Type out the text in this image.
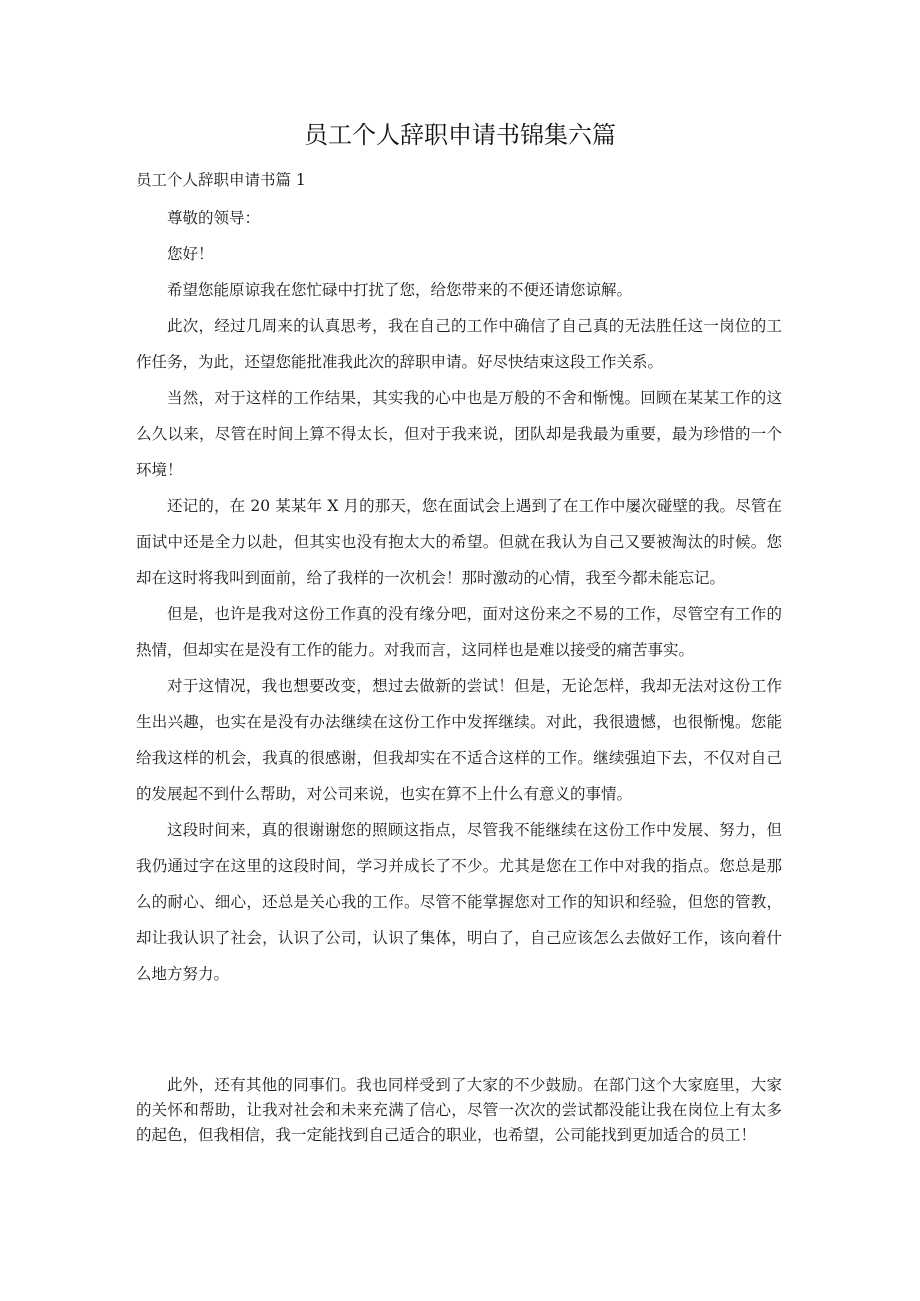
员工个人辞职申请书锦集六篇
员工个人辞职申请书篇 1

尊敬的领导：

您好！

希望您能原谅我在您忙碌中打扰了您，给您带来的不便还请您谅解。

此次，经过几周来的认真思考，我在自己的工作中确信了自己真的无法胜任这一岗位的工作任务，为此，还望您能批准我此次的辞职申请。好尽快结束这段工作关系。

当然，对于这样的工作结果，其实我的心中也是万般的不舍和惭愧。回顾在某某工作的这么久以来，尽管在时间上算不得太长，但对于我来说，团队却是我最为重要，最为珍惜的一个环境！

还记的，在 20 某某年 X 月的那天，您在面试会上遇到了在工作中屡次碰壁的我。尽管在面试中还是全力以赴，但其实也没有抱太大的希望。但就在我认为自己又要被淘汰的时候。您却在这时将我叫到面前，给了我样的一次机会！那时激动的心情，我至今都未能忘记。

但是，也许是我对这份工作真的没有缘分吧，面对这份来之不易的工作，尽管空有工作的热情，但却实在是没有工作的能力。对我而言，这同样也是难以接受的痛苦事实。

对于这情况，我也想要改变，想过去做新的尝试！但是，无论怎样，我却无法对这份工作生出兴趣，也实在是没有办法继续在这份工作中发挥继续。对此，我很遗憾，也很惭愧。您能给我这样的机会，我真的很感谢，但我却实在不适合这样的工作。继续强迫下去，不仅对自己的发展起不到什么帮助，对公司来说，也实在算不上什么有意义的事情。

这段时间来，真的很谢谢您的照顾这指点，尽管我不能继续在这份工作中发展、努力，但我仍通过字在这里的这段时间，学习并成长了不少。尤其是您在工作中对我的指点。您总是那么的耐心、细心，还总是关心我的工作。尽管不能掌握您对工作的知识和经验，但您的管教，却让我认识了社会，认识了公司，认识了集体，明白了，自己应该怎么去做好工作，该向着什么地方努力。

此外，还有其他的同事们。我也同样受到了大家的不少鼓励。在部门这个大家庭里，大家的关怀和帮助，让我对社会和未来充满了信心，尽管一次次的尝试都没能让我在岗位上有太多的起色，但我相信，我一定能找到自己适合的职业，也希望，公司能找到更加适合的员工！
